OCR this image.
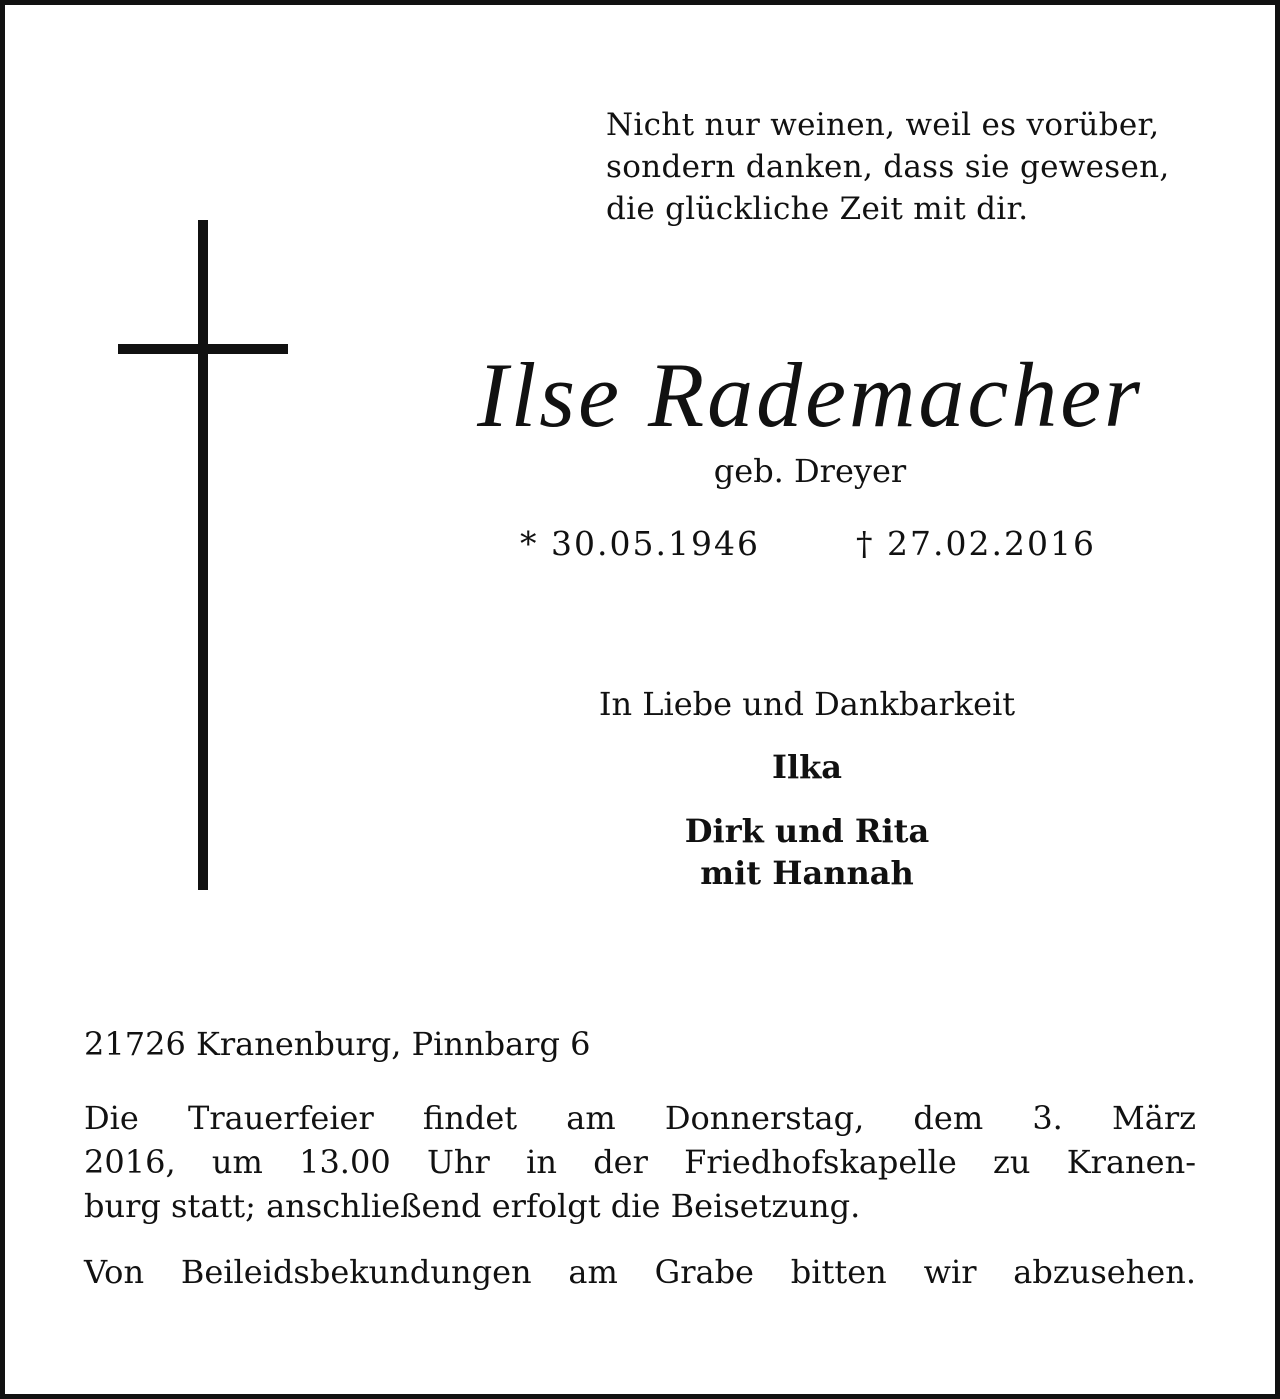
Nicht nur weinen, weil es vorüber,
sondern danken, dass sie gewesen,
die glückliche Zeit mit dir.
Ilse Rademacher
geb. Dreyer
* 30.05.1946	† 27.02.2016
In Liebe und Dankbarkeit
Ilka
Dirk und Rita
mit Hannah
21726 Kranenburg, Pinnbarg 6
Die Trauerfeier findet am Donnerstag, dem 3. März
2016, um 13.00 Uhr in der Friedhofskapelle zu Kranen-
burg statt; anschließend erfolgt die Beisetzung.
Von Beileidsbekundungen am Grabe bitten wir abzusehen.
